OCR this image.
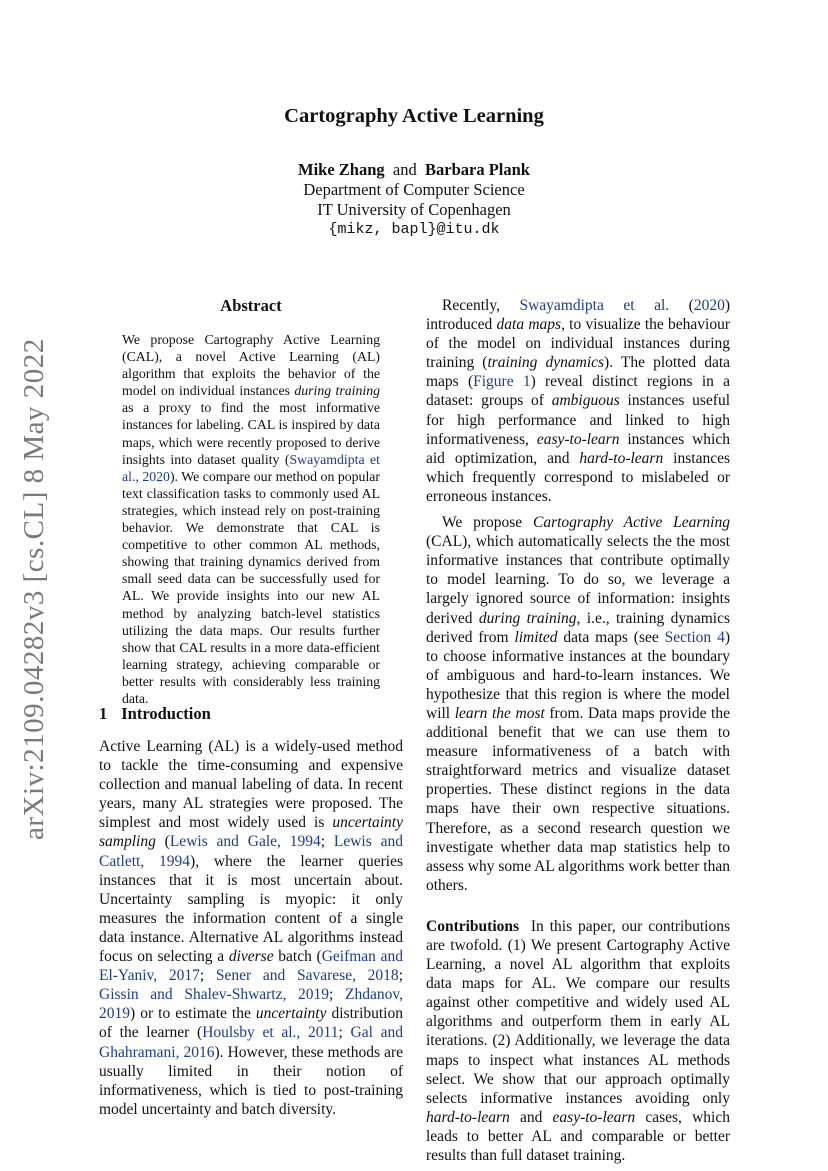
arXiv:2109.04282v3 [cs.CL] 8 May 2022
Cartography Active Learning
Mike Zhang and Barbara Plank
Department of Computer Science
IT University of Copenhagen
{mikz, bapl}@itu.dk
Abstract
We propose Cartography Active Learning (CAL), a novel Active Learning (AL) algorithm that exploits the behavior of the model on individual instances during training as a proxy to find the most informative instances for labeling. CAL is inspired by data maps, which were recently proposed to derive insights into dataset quality (Swayamdipta et al., 2020). We compare our method on popular text classification tasks to commonly used AL strategies, which instead rely on post-training behavior. We demonstrate that CAL is competitive to other common AL methods, showing that training dynamics derived from small seed data can be successfully used for AL. We provide insights into our new AL method by analyzing batch-level statistics utilizing the data maps. Our results further show that CAL results in a more data-efficient learning strategy, achieving comparable or better results with considerably less training data.
1 Introduction
Active Learning (AL) is a widely-used method to tackle the time-consuming and expensive collection and manual labeling of data. In recent years, many AL strategies were proposed. The simplest and most widely used is uncertainty sampling (Lewis and Gale, 1994; Lewis and Catlett, 1994), where the learner queries instances that it is most uncertain about. Uncertainty sampling is myopic: it only measures the information content of a single data instance. Alternative AL algorithms instead focus on selecting a diverse batch (Geifman and El-Yaniv, 2017; Sener and Savarese, 2018; Gissin and Shalev-Shwartz, 2019; Zhdanov, 2019) or to estimate the uncertainty distribution of the learner (Houlsby et al., 2011; Gal and Ghahramani, 2016). However, these methods are usually limited in their notion of informativeness, which is tied to post-training model uncertainty and batch diversity.

Recently, Swayamdipta et al. (2020) introduced data maps, to visualize the behaviour of the model on individual instances during training (training dynamics). The plotted data maps (Figure 1) reveal distinct regions in a dataset: groups of ambiguous instances useful for high performance and linked to high informativeness, easy-to-learn instances which aid optimization, and hard-to-learn instances which frequently correspond to mislabeled or erroneous instances.

We propose Cartography Active Learning (CAL), which automatically selects the the most informative instances that contribute optimally to model learning. To do so, we leverage a largely ignored source of information: insights derived during training, i.e., training dynamics derived from limited data maps (see Section 4) to choose informative instances at the boundary of ambiguous and hard-to-learn instances. We hypothesize that this region is where the model will learn the most from. Data maps provide the additional benefit that we can use them to measure informativeness of a batch with straightforward metrics and visualize dataset properties. These distinct regions in the data maps have their own respective situations. Therefore, as a second research question we investigate whether data map statistics help to assess why some AL algorithms work better than others.

Contributions In this paper, our contributions are twofold. (1) We present Cartography Active Learning, a novel AL algorithm that exploits data maps for AL. We compare our results against other competitive and widely used AL algorithms and outperform them in early AL iterations. (2) Additionally, we leverage the data maps to inspect what instances AL methods select. We show that our approach optimally selects informative instances avoiding only hard-to-learn and easy-to-learn cases, which leads to better AL and comparable or better results than full dataset training.
